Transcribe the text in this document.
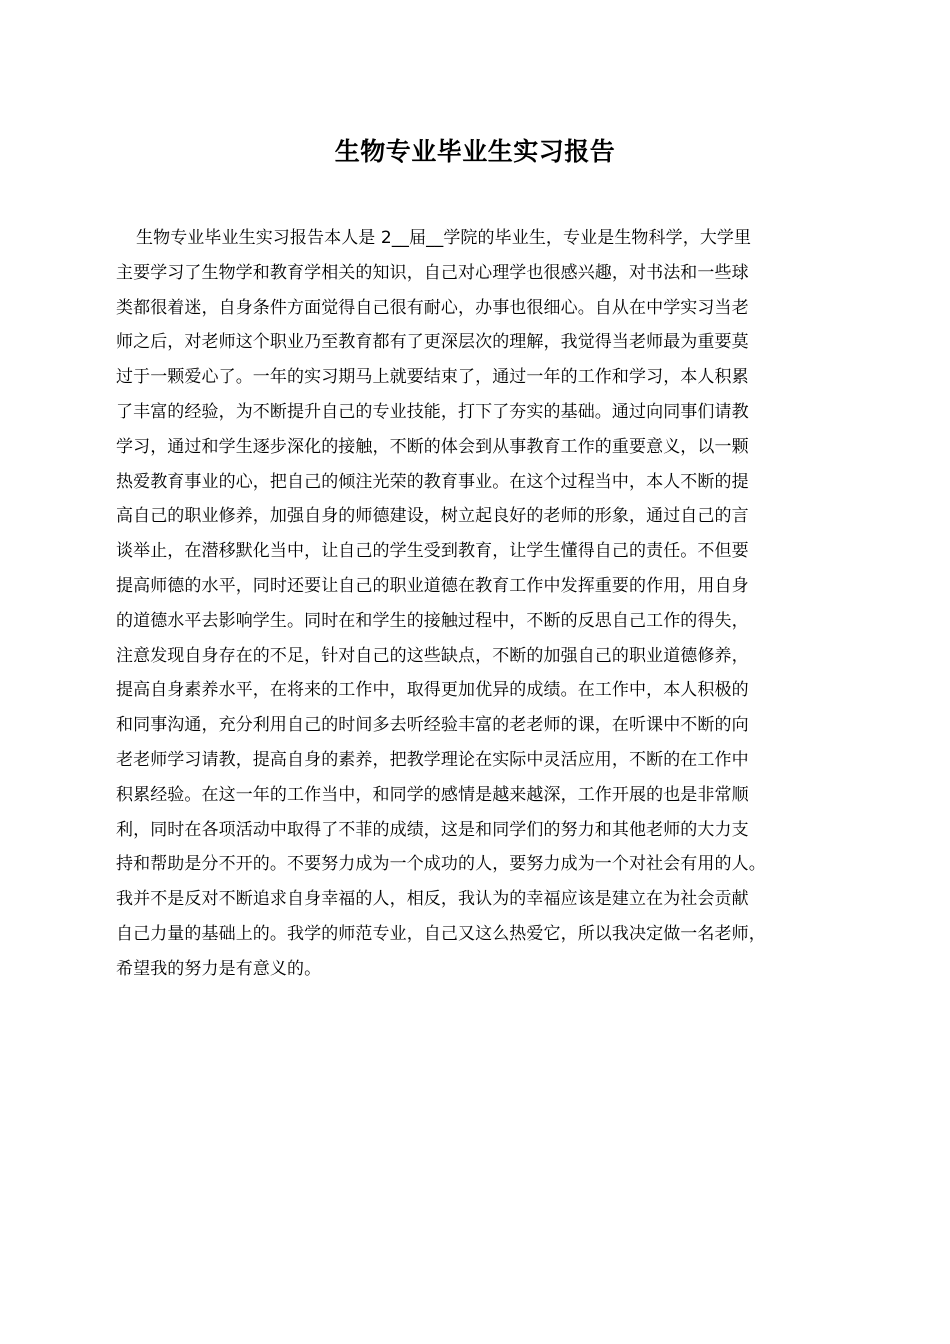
生物专业毕业生实习报告
生物专业毕业生实习报告本人是 2__届__学院的毕业生，专业是生物科学，大学里
主要学习了生物学和教育学相关的知识，自己对心理学也很感兴趣，对书法和一些球
类都很着迷，自身条件方面觉得自己很有耐心，办事也很细心。自从在中学实习当老
师之后，对老师这个职业乃至教育都有了更深层次的理解，我觉得当老师最为重要莫
过于一颗爱心了。一年的实习期马上就要结束了，通过一年的工作和学习，本人积累
了丰富的经验，为不断提升自己的专业技能，打下了夯实的基础。通过向同事们请教
学习，通过和学生逐步深化的接触，不断的体会到从事教育工作的重要意义，以一颗
热爱教育事业的心，把自己的倾注光荣的教育事业。在这个过程当中，本人不断的提
高自己的职业修养，加强自身的师德建设，树立起良好的老师的形象，通过自己的言
谈举止，在潜移默化当中，让自己的学生受到教育，让学生懂得自己的责任。不但要
提高师德的水平，同时还要让自己的职业道德在教育工作中发挥重要的作用，用自身
的道德水平去影响学生。同时在和学生的接触过程中，不断的反思自己工作的得失，
注意发现自身存在的不足，针对自己的这些缺点，不断的加强自己的职业道德修养，
提高自身素养水平，在将来的工作中，取得更加优异的成绩。在工作中，本人积极的
和同事沟通，充分利用自己的时间多去听经验丰富的老老师的课，在听课中不断的向
老老师学习请教，提高自身的素养，把教学理论在实际中灵活应用，不断的在工作中
积累经验。在这一年的工作当中，和同学的感情是越来越深，工作开展的也是非常顺
利，同时在各项活动中取得了不菲的成绩，这是和同学们的努力和其他老师的大力支
持和帮助是分不开的。不要努力成为一个成功的人，要努力成为一个对社会有用的人。
我并不是反对不断追求自身幸福的人，相反，我认为的幸福应该是建立在为社会贡献
自己力量的基础上的。我学的师范专业，自己又这么热爱它，所以我决定做一名老师，
希望我的努力是有意义的。
